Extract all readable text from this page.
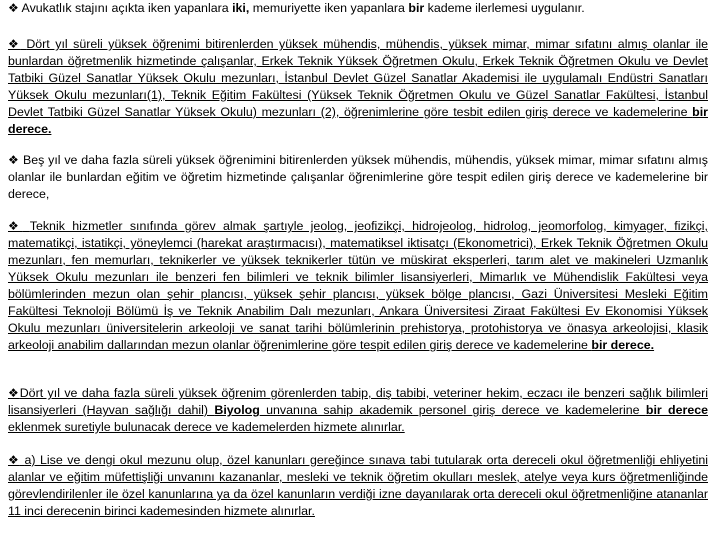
❖ Avukatlık stajını açıkta iken yapanlara iki, memuriyette iken yapanlara bir kademe ilerlemesi uygulanır.
❖ Dört yıl süreli yüksek öğrenimi bitirenlerden yüksek mühendis, mühendis, yüksek mimar, mimar sıfatını almış olanlar ile bunlardan öğretmenlik hizmetinde çalışanlar, Erkek Teknik Yüksek Öğretmen Okulu, Erkek Teknik Öğretmen Okulu ve Devlet Tatbiki Güzel Sanatlar Yüksek Okulu mezunları, İstanbul Devlet Güzel Sanatlar Akademisi ile uygulamalı Endüstri Sanatları Yüksek Okulu mezunları(1), Teknik Eğitim Fakültesi (Yüksek Teknik Öğretmen Okulu ve Güzel Sanatlar Fakültesi, İstanbul Devlet Tatbiki Güzel Sanatlar Yüksek Okulu) mezunları (2), öğrenimlerine göre tesbit edilen giriş derece ve kademelerine bir derece.
❖ Beş yıl ve daha fazla süreli yüksek öğrenimini bitirenlerden yüksek mühendis, mühendis, yüksek mimar, mimar sıfatını almış olanlar ile bunlardan eğitim ve öğretim hizmetinde çalışanlar öğrenimlerine göre tespit edilen giriş derece ve kademelerine bir derece,
❖ Teknik hizmetler sınıfında görev almak şartıyle jeolog, jeofizikçi, hidrojeolog, hidrolog, jeomorfolog, kimyager, fizikçi, matematikçi, istatikçi, yöneylemci (harekat araştırmacısı), matematiksel iktisatçı (Ekonometrici), Erkek Teknik Öğretmen Okulu mezunları, fen memurları, teknikerler ve yüksek teknikerler tütün ve müskirat eksperleri, tarım alet ve makineleri Uzmanlık Yüksek Okulu mezunları ile benzeri fen bilimleri ve teknik bilimler lisansiyerleri, Mimarlık ve Mühendislik Fakültesi veya bölümlerinden mezun olan şehir plancısı, yüksek şehir plancısı, yüksek bölge plancısı, Gazi Üniversitesi Mesleki Eğitim Fakültesi Teknoloji Bölümü İş ve Teknik Anabilim Dalı mezunları, Ankara Üniversitesi Ziraat Fakültesi Ev Ekonomisi Yüksek Okulu mezunları üniversitelerin arkeoloji ve sanat tarihi bölümlerinin prehistorya, protohistorya ve önasya arkeolojisi, klasik arkeoloji anabilim dallarından mezun olanlar öğrenimlerine göre tespit edilen giriş derece ve kademelerine bir derece.
❖Dört yıl ve daha fazla süreli yüksek öğrenim görenlerden tabip, diş tabibi, veteriner hekim, eczacı ile benzeri sağlık bilimleri lisansiyerleri (Hayvan sağlığı dahil) Biyolog unvanına sahip akademik personel giriş derece ve kademelerine bir derece eklenmek suretiyle bulunacak derece ve kademelerden hizmete alınırlar.
❖ a) Lise ve dengi okul mezunu olup, özel kanunları gereğince sınava tabi tutularak orta dereceli okul öğretmenliği ehliyetini alanlar ve eğitim müfettişliği unvanını kazananlar, mesleki ve teknik öğretim okulları meslek, atelye veya kurs öğretmenliğinde görevlendirilenler ile özel kanunlarına ya da özel kanunların verdiği izne dayanılarak orta dereceli okul öğretmenliğine atananlar 11 inci derecenin birinci kademesinden hizmete alınırlar.
